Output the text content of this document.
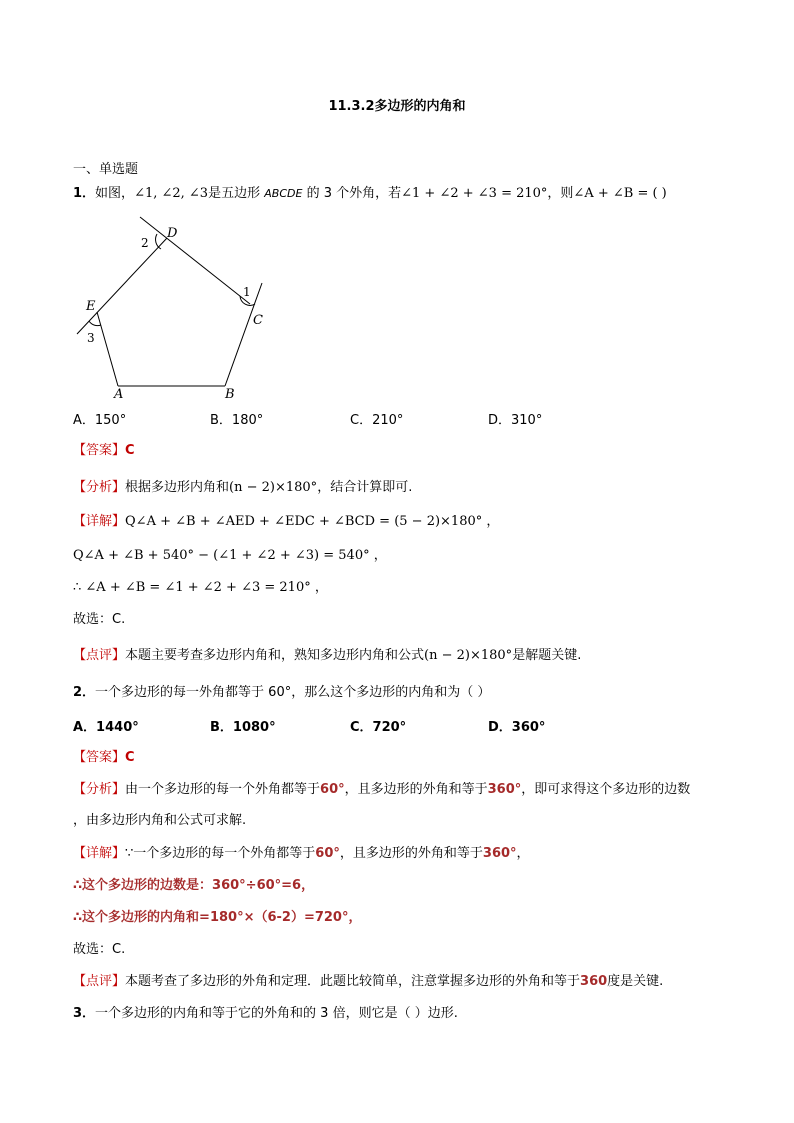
11.3.2多边形的内角和
一、单选题
1．如图，∠1, ∠2, ∠3是五边形 ABCDE 的 3 个外角，若∠1 + ∠2 + ∠3 = 210°，则∠A + ∠B = ( )
D
C
E
A	B
2
1
3
A．150°	B．180°	C．210°	D．310°
【答案】C
【分析】根据多边形内角和(n − 2)×180°，结合计算即可.
【详解】Q∠A + ∠B + ∠AED + ∠EDC + ∠BCD = (5 − 2)×180° ，
Q∠A + ∠B + 540° − (∠1 + ∠2 + ∠3) = 540° ，
∴ ∠A + ∠B = ∠1 + ∠2 + ∠3 = 210° ，
故选：C.
【点评】本题主要考查多边形内角和，熟知多边形内角和公式(n − 2)×180°是解题关键.
2．一个多边形的每一外角都等于 60°，那么这个多边形的内角和为（ ）
A．1440°	B．1080°	C．720°	D．360°
【答案】C
【分析】由一个多边形的每一个外角都等于60°，且多边形的外角和等于360°，即可求得这个多边形的边数
，由多边形内角和公式可求解.
【详解】∵一个多边形的每一个外角都等于60°，且多边形的外角和等于360°，
∴这个多边形的边数是：360°÷60°=6，
∴这个多边形的内角和=180°×（6-2）=720°，
故选：C.
【点评】本题考查了多边形的外角和定理．此题比较简单，注意掌握多边形的外角和等于360度是关键.
3．一个多边形的内角和等于它的外角和的 3 倍，则它是（ ）边形.
